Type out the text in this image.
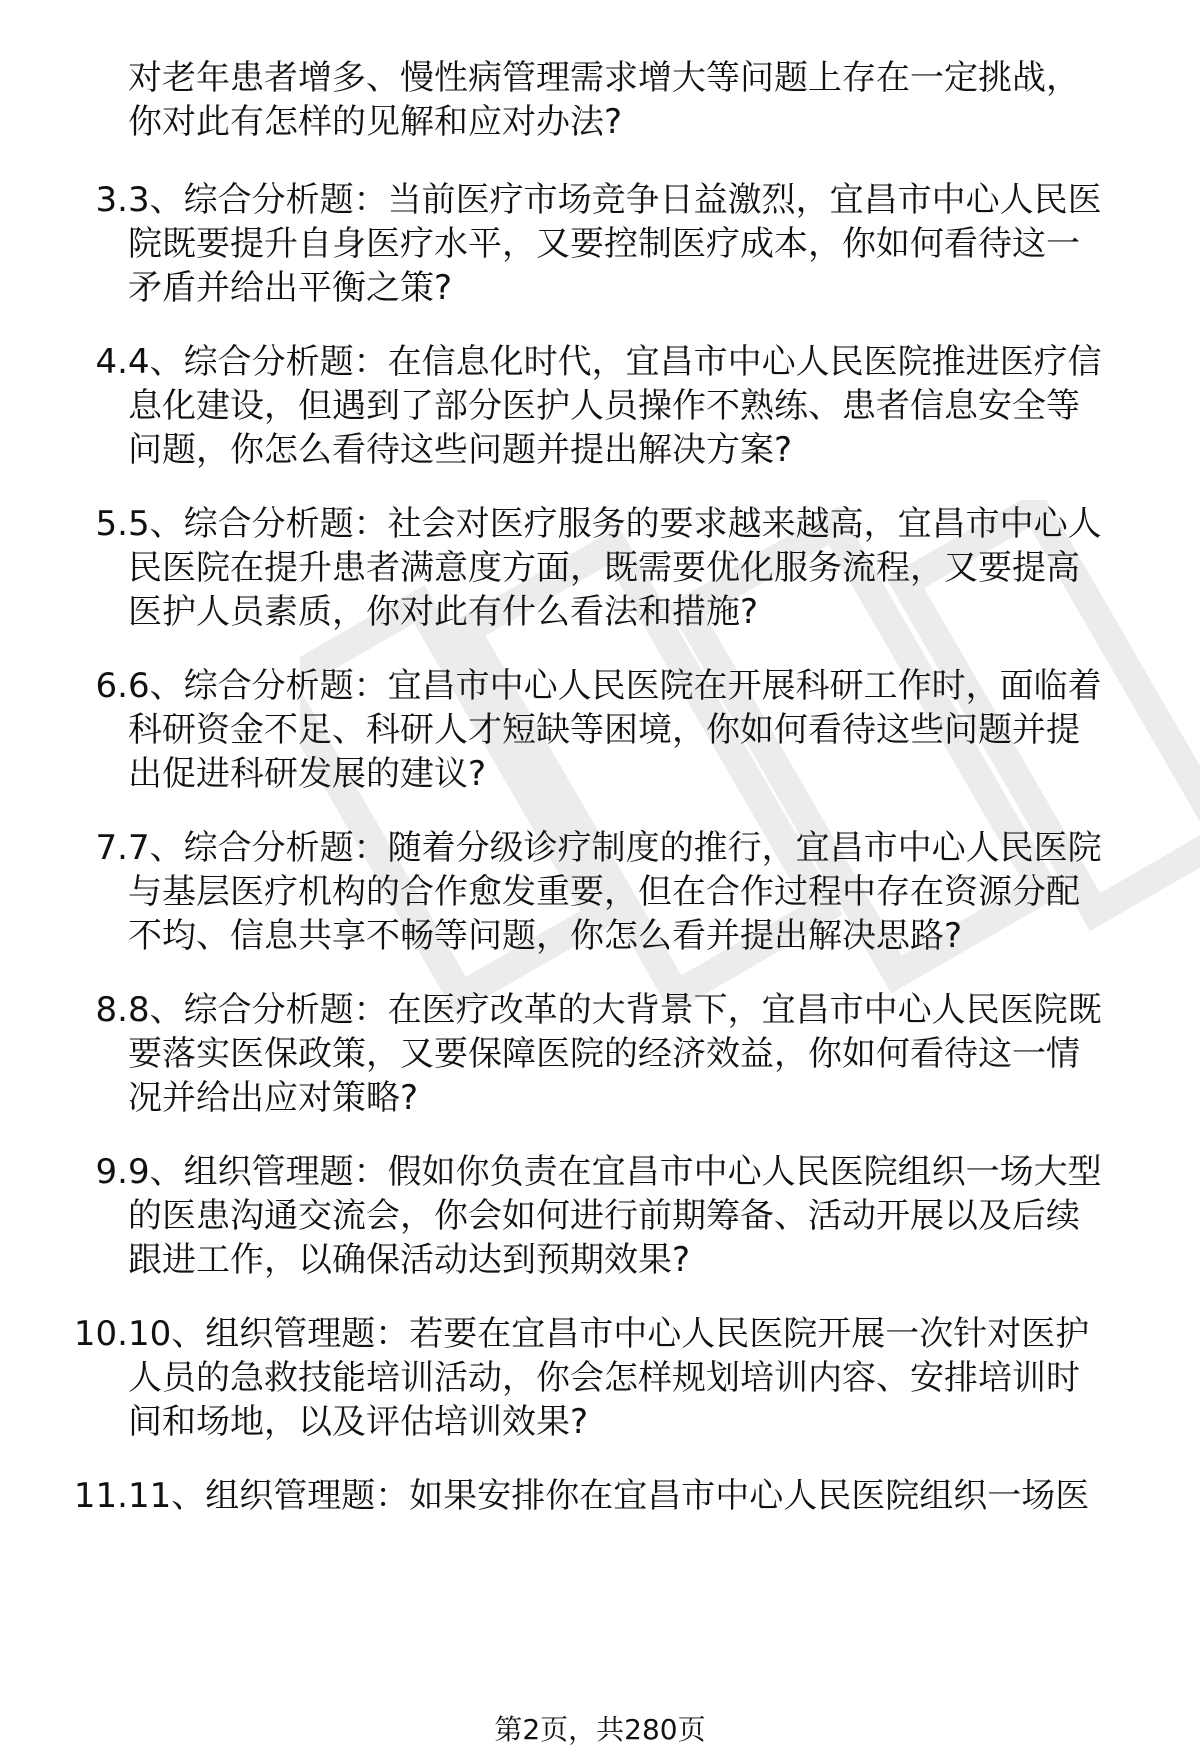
对老年患者增多、慢性病管理需求增大等问题上存在一定挑战，
你对此有怎样的见解和应对办法?
3. 3、综合分析题：当前医疗市场竞争日益激烈，宜昌市中心人民医
院既要提升自身医疗水平，又要控制医疗成本，你如何看待这一
矛盾并给出平衡之策?
4. 4、综合分析题：在信息化时代，宜昌市中心人民医院推进医疗信
息化建设，但遇到了部分医护人员操作不熟练、患者信息安全等
问题，你怎么看待这些问题并提出解决方案?
5. 5、综合分析题：社会对医疗服务的要求越来越高，宜昌市中心人
民医院在提升患者满意度方面，既需要优化服务流程，又要提高
医护人员素质，你对此有什么看法和措施?
6. 6、综合分析题：宜昌市中心人民医院在开展科研工作时，面临着
科研资金不足、科研人才短缺等困境，你如何看待这些问题并提
出促进科研发展的建议?
7. 7、综合分析题：随着分级诊疗制度的推行，宜昌市中心人民医院
与基层医疗机构的合作愈发重要，但在合作过程中存在资源分配
不均、信息共享不畅等问题，你怎么看并提出解决思路?
8. 8、综合分析题：在医疗改革的大背景下，宜昌市中心人民医院既
要落实医保政策，又要保障医院的经济效益，你如何看待这一情
况并给出应对策略?
9. 9、组织管理题：假如你负责在宜昌市中心人民医院组织一场大型
的医患沟通交流会，你会如何进行前期筹备、活动开展以及后续
跟进工作，以确保活动达到预期效果?
10. 10、组织管理题：若要在宜昌市中心人民医院开展一次针对医护
人员的急救技能培训活动，你会怎样规划培训内容、安排培训时
间和场地，以及评估培训效果?
11. 11、组织管理题：如果安排你在宜昌市中心人民医院组织一场医
第2页，共280页
